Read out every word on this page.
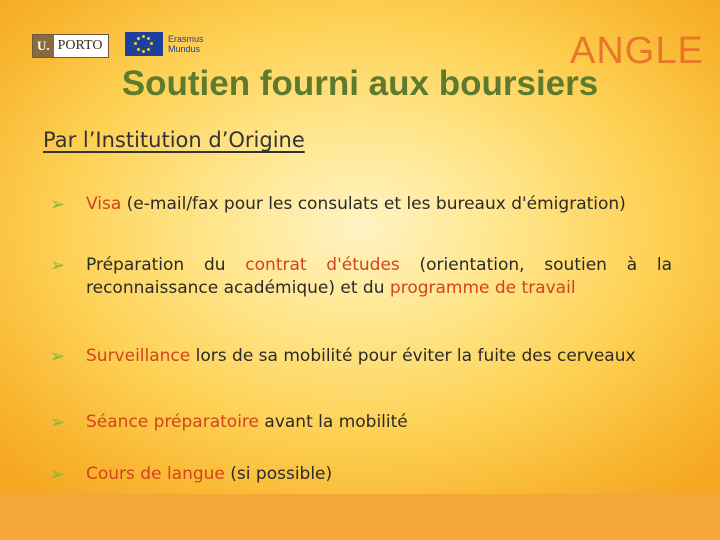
U. PORTO	Erasmus
Mundus	ANGLE
Soutien fourni aux boursiers
Par l’Institution d’Origine
➢	Visa (e-mail/fax pour les consulats et les bureaux d'émigration)
➢	Préparation du contrat d'études (orientation, soutien à la reconnaissance académique) et du programme de travail
➢	Surveillance lors de sa mobilité pour éviter la fuite des cerveaux
➢	Séance préparatoire avant la mobilité
➢	Cours de langue (si possible)
